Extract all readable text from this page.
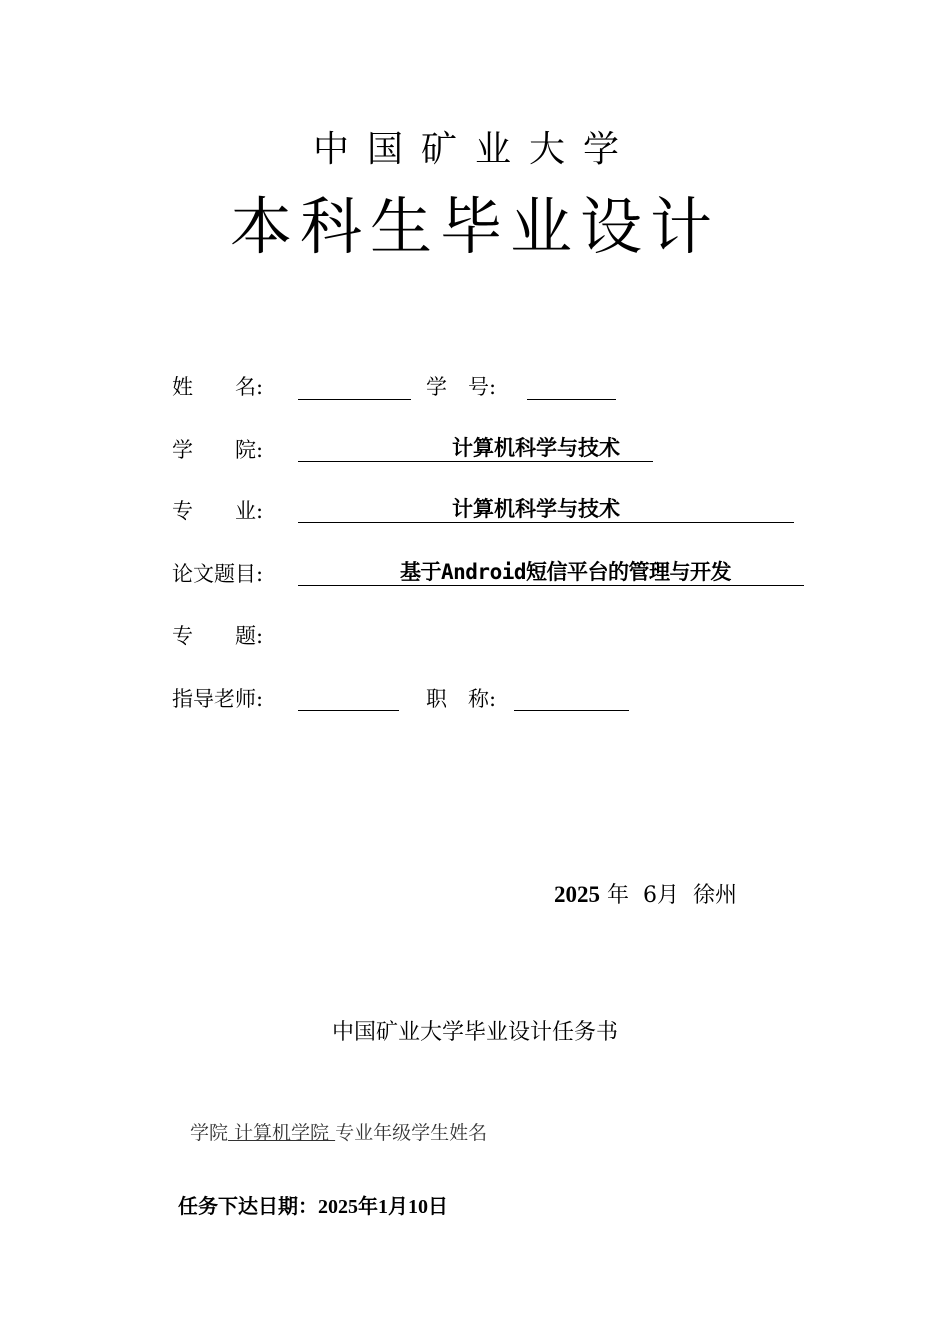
中国矿业大学
本科生毕业设计
姓　　名:	学　号:
学　　院:	计算机科学与技术
专　　业:	计算机科学与技术
论文题目:	基于Android短信平台的管理与开发
专　　题:
指导老师:	职　称:
2025 年 6月 徐州
中国矿业大学毕业设计任务书
学院 计算机学院 专业年级学生姓名
任务下达日期：2025年1月10日
